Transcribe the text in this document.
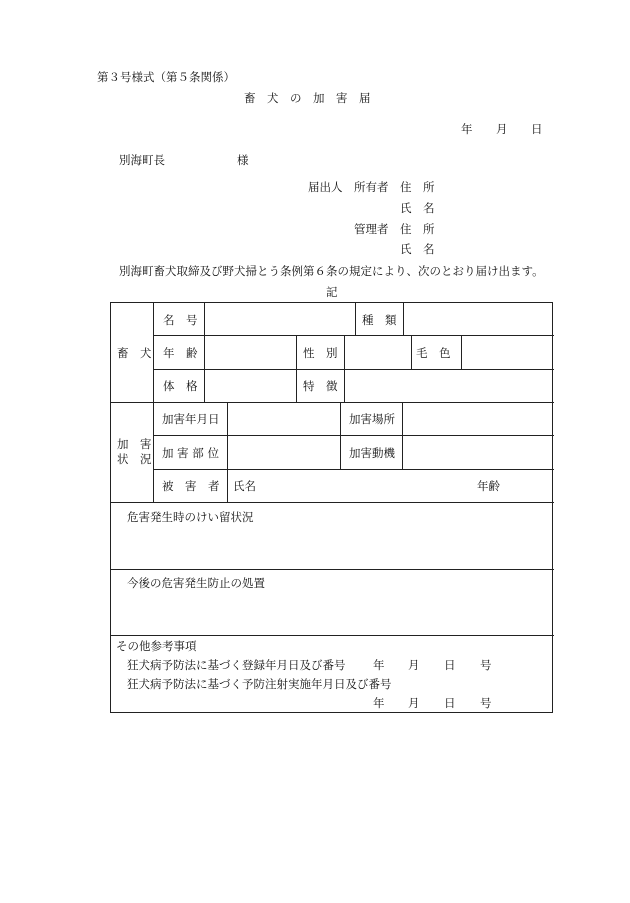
第３号様式（第５条関係）
畜　犬　の　加　害　届
年 月 日
別海町長	様
届出人 所有者 住　所
氏　名
管理者 住　所
氏　名
別海町畜犬取締及び野犬掃とう条例第６条の規定により、次のとおり届け出ます。
記
畜　犬
名　号	種　類
年　齢	性　別	毛　色
体　格	特　徴
加　害
状　況
加害年月日	加害場所
加 害 部 位	加害動機
被　害　者 氏名	年齢
危害発生時のけい留状況
今後の危害発生防止の処置
その他参考事項
狂犬病予防法に基づく登録年月日及び番号 年 月 日 号
狂犬病予防法に基づく予防注射実施年月日及び番号
年 月 日 号
